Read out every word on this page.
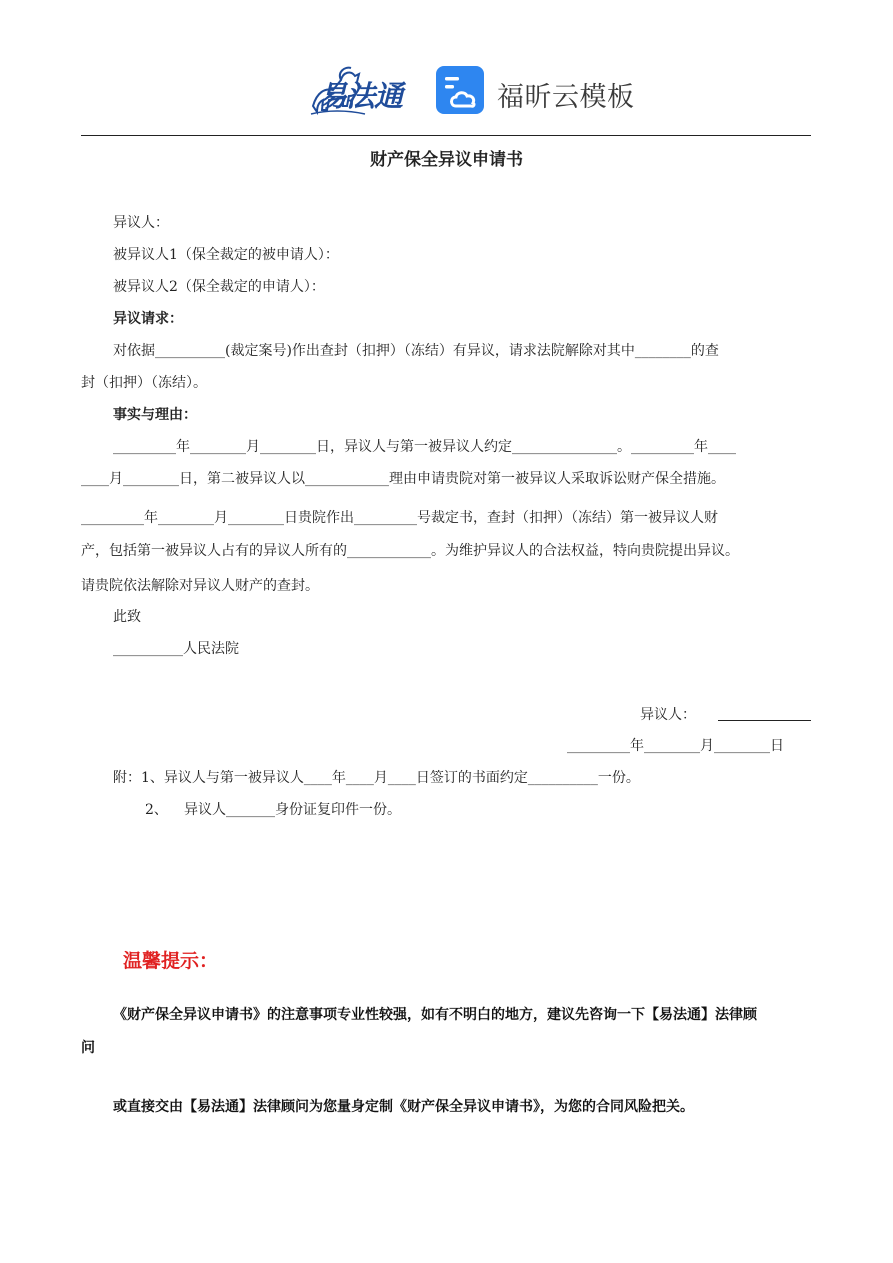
易法通	福昕云模板
财产保全异议申请书
异议人：
被异议人1（保全裁定的被申请人）：
被异议人2（保全裁定的申请人）：
异议请求：
对依据__________(裁定案号)作出查封（扣押）（冻结）有异议，请求法院解除对其中________的查
封（扣押）（冻结）。
事实与理由：
_________年________月________日，异议人与第一被异议人约定_______________。_________年____
____月________日，第二被异议人以____________理由申请贵院对第一被异议人采取诉讼财产保全措施。
_________年________月________日贵院作出_________号裁定书，查封（扣押）（冻结）第一被异议人财
产，包括第一被异议人占有的异议人所有的____________。为维护异议人的合法权益，特向贵院提出异议。
请贵院依法解除对异议人财产的查封。
此致
__________人民法院
异议人：
_________年________月________日
附：1、异议人与第一被异议人____年____月____日签订的书面约定__________一份。
2、 异议人_______身份证复印件一份。
温馨提示：
《财产保全异议申请书》的注意事项专业性较强，如有不明白的地方，建议先咨询一下【易法通】法律顾
问
或直接交由【易法通】法律顾问为您量身定制《财产保全异议申请书》，为您的合同风险把关。
